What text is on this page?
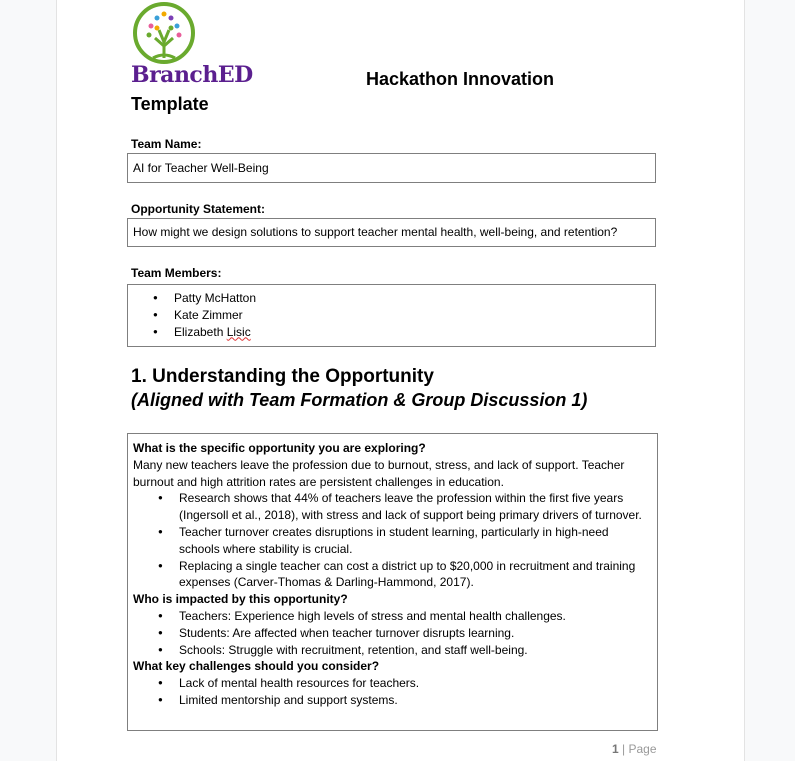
BranchED	Hackathon Innovation
Template
Team Name:
AI for Teacher Well-Being
Opportunity Statement:
How might we design solutions to support teacher mental health, well-being, and retention?
Team Members:
● Patty McHatton
● Kate Zimmer
● Elizabeth Lisic
1. Understanding the Opportunity
(Aligned with Team Formation & Group Discussion 1)

What is the specific opportunity you are exploring?

Many new teachers leave the profession due to burnout, stress, and lack of support. Teacher burnout and high attrition rates are persistent challenges in education.

● Research shows that 44% of teachers leave the profession within the first five years (Ingersoll et al., 2018), with stress and lack of support being primary drivers of turnover.
● Teacher turnover creates disruptions in student learning, particularly in high-need schools where stability is crucial.
● Replacing a single teacher can cost a district up to $20,000 in recruitment and training expenses (Carver-Thomas & Darling-Hammond, 2017).

Who is impacted by this opportunity?

● Teachers: Experience high levels of stress and mental health challenges.
● Students: Are affected when teacher turnover disrupts learning.
● Schools: Struggle with recruitment, retention, and staff well-being.

What key challenges should you consider?

● Lack of mental health resources for teachers.
● Limited mentorship and support systems.
1 | Page
